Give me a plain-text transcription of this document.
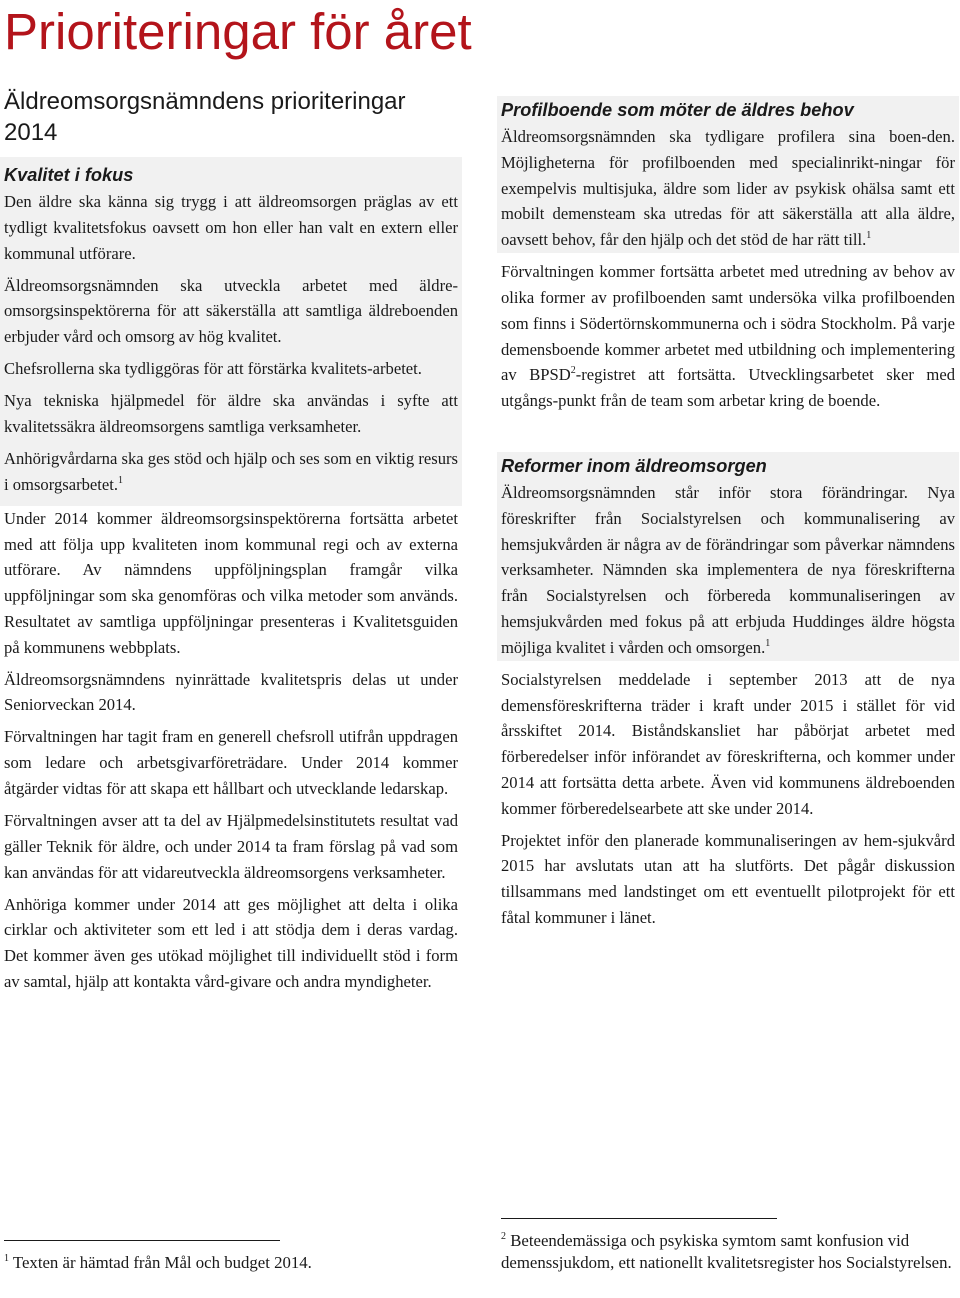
Prioriteringar för året
Äldreomsorgsnämndens prioriteringar 2014
Kvalitet i fokus

Den äldre ska känna sig trygg i att äldreomsorgen präglas av ett tydligt kvalitetsfokus oavsett om hon eller han valt en extern eller kommunal utförare.

Äldreomsorgsnämnden ska utveckla arbetet med äldre-omsorgsinspektörerna för att säkerställa att samtliga äldreboenden erbjuder vård och omsorg av hög kvalitet.

Chefsrollerna ska tydliggöras för att förstärka kvalitets-arbetet.

Nya tekniska hjälpmedel för äldre ska användas i syfte att kvalitetssäkra äldreomsorgens samtliga verksamheter.

Anhörigvårdarna ska ges stöd och hjälp och ses som en viktig resurs i omsorgsarbetet.$^1$

Under 2014 kommer äldreomsorgsinspektörerna fortsätta arbetet med att följa upp kvaliteten inom kommunal regi och av externa utförare. Av nämndens uppföljningsplan framgår vilka uppföljningar som ska genomföras och vilka metoder som används. Resultatet av samtliga uppföljningar presenteras i Kvalitetsguiden på kommunens webbplats.

Äldreomsorgsnämndens nyinrättade kvalitetspris delas ut under Seniorveckan 2014.

Förvaltningen har tagit fram en generell chefsroll utifrån uppdragen som ledare och arbetsgivarföreträdare. Under 2014 kommer åtgärder vidtas för att skapa ett hållbart och utvecklande ledarskap.

Förvaltningen avser att ta del av Hjälpmedelsinstitutets resultat vad gäller Teknik för äldre, och under 2014 ta fram förslag på vad som kan användas för att vidareutveckla äldreomsorgens verksamheter.

Anhöriga kommer under 2014 att ges möjlighet att delta i olika cirklar och aktiviteter som ett led i att stödja dem i deras vardag. Det kommer även ges utökad möjlighet till individuellt stöd i form av samtal, hjälp att kontakta vård-givare och andra myndigheter.

Profilboende som möter de äldres behov

Äldreomsorgsnämnden ska tydligare profilera sina boen-den. Möjligheterna för profilboenden med specialinrikt-ningar för exempelvis multisjuka, äldre som lider av psykisk ohälsa samt ett mobilt demensteam ska utredas för att säkerställa att alla äldre, oavsett behov, får den hjälp och det stöd de har rätt till.$^1$

Förvaltningen kommer fortsätta arbetet med utredning av behov av olika former av profilboenden samt undersöka vilka profilboenden som finns i Södertörnskommunerna och i södra Stockholm. På varje demensboende kommer arbetet med utbildning och implementering av BPSD$^2$-registret att fortsätta. Utvecklingsarbetet sker med utgångs-punkt från de team som arbetar kring de boende.

Reformer inom äldreomsorgen

Äldreomsorgsnämnden står inför stora förändringar. Nya föreskrifter från Socialstyrelsen och kommunalisering av hemsjukvården är några av de förändringar som påverkar nämndens verksamheter. Nämnden ska implementera de nya föreskrifterna från Socialstyrelsen och förbereda kommunaliseringen av hemsjukvården med fokus på att erbjuda Huddinges äldre högsta möjliga kvalitet i vården och omsorgen.$^1$

Socialstyrelsen meddelade i september 2013 att de nya demensföreskrifterna träder i kraft under 2015 i stället för vid årsskiftet 2014. Biståndskansliet har påbörjat arbetet med förberedelser inför införandet av föreskrifterna, och kommer under 2014 att fortsätta detta arbete. Även vid kommunens äldreboenden kommer förberedelsearbete att ske under 2014.

Projektet inför den planerade kommunaliseringen av hem-sjukvård 2015 har avslutats utan att ha slutförts. Det pågår diskussion tillsammans med landstinget om ett eventuellt pilotprojekt för ett fåtal kommuner i länet.

$^1$ Texten är hämtad från Mål och budget 2014.
$^2$ Beteendemässiga och psykiska symtom samt konfusion vid demenssjukdom, ett nationellt kvalitetsregister hos Socialstyrelsen.
